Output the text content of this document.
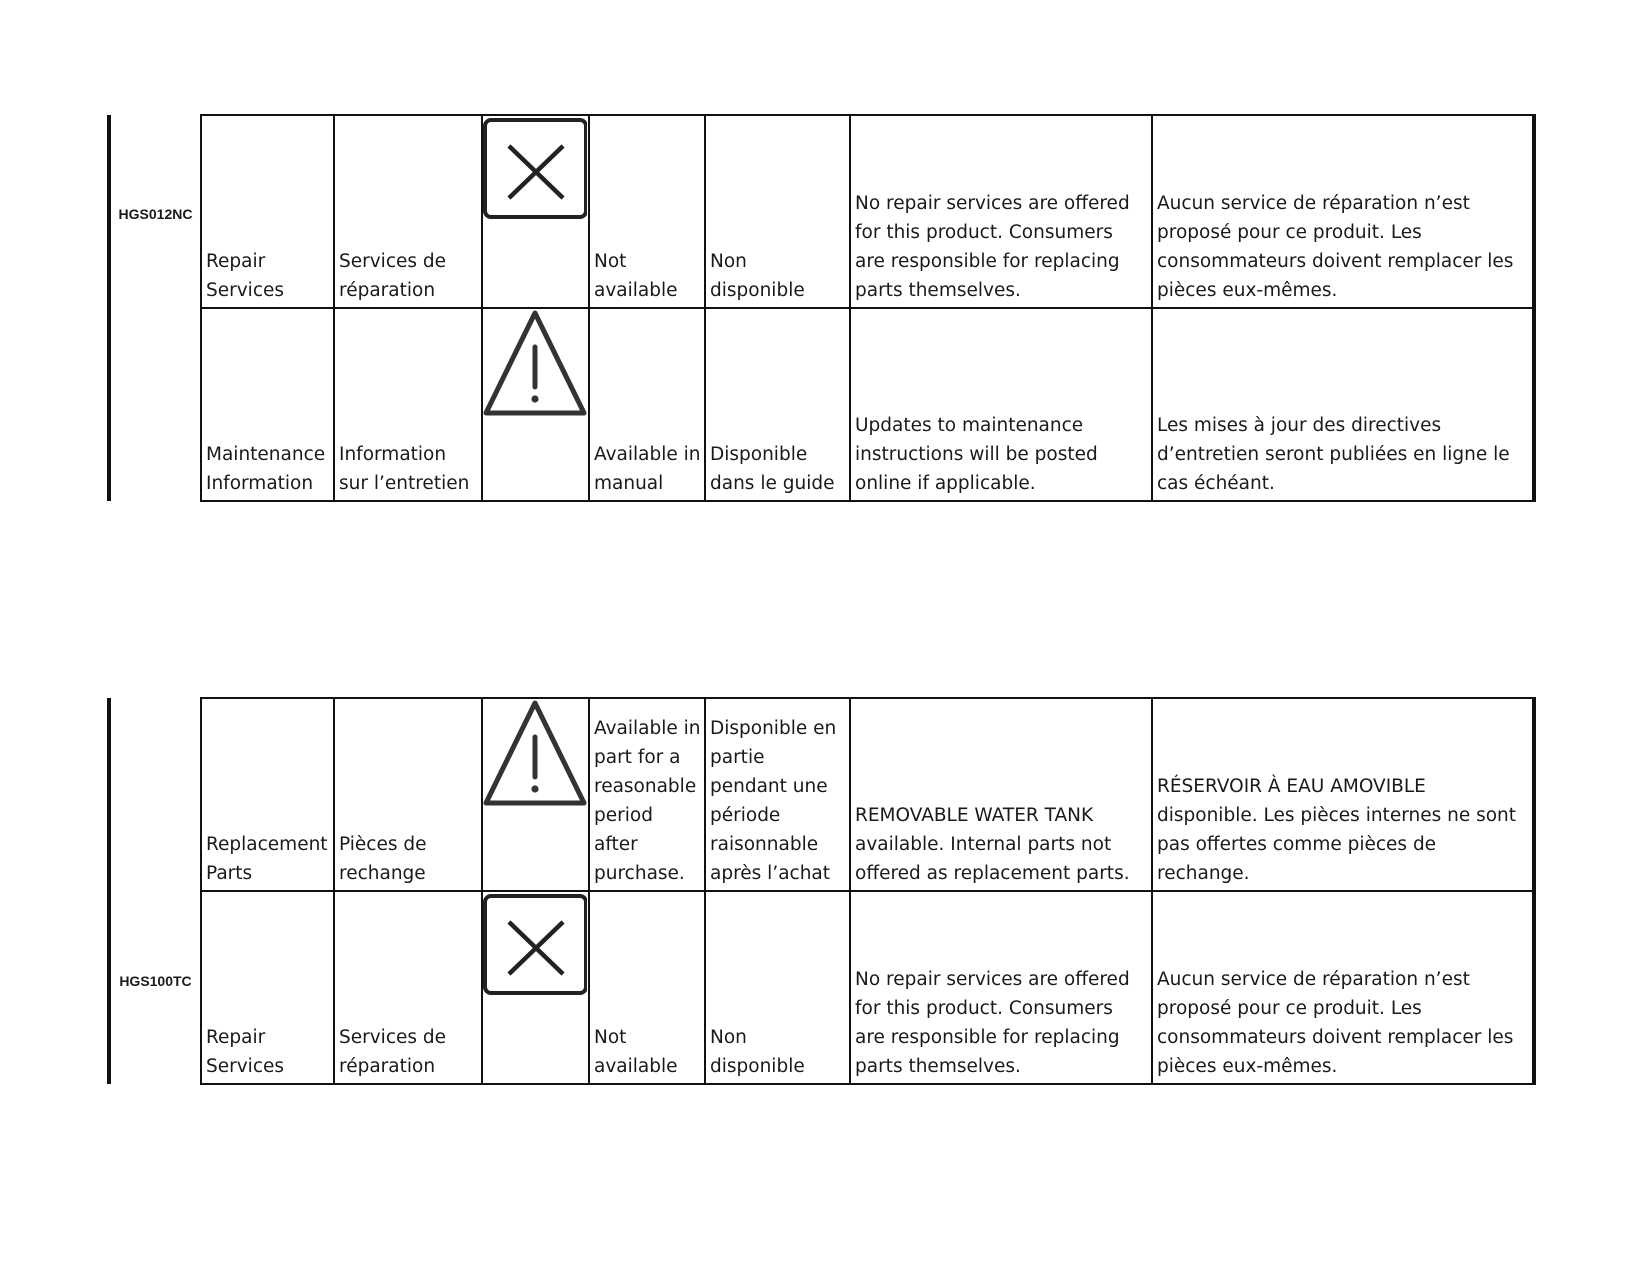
HGS012NC	Repair Services	Services de réparation		Not available	Non disponible	No repair services are offered for this product. Consumers are responsible for replacing parts themselves.	Aucun service de réparation n’est proposé pour ce produit. Les consommateurs doivent remplacer les pièces eux-mêmes.
	Maintenance Information	Information sur l’entretien		Available in manual	Disponible dans le guide	Updates to maintenance instructions will be posted online if applicable.	Les mises à jour des directives d’entretien seront publiées en ligne le cas échéant.
HGS100TC	Replacement Parts	Pièces de rechange		Available in part for a reasonable period after purchase.	Disponible en partie pendant une période raisonnable après l’achat	REMOVABLE WATER TANK available. Internal parts not offered as replacement parts.	RÉSERVOIR À EAU AMOVIBLE disponible. Les pièces internes ne sont pas offertes comme pièces de rechange.
	Repair Services	Services de réparation		Not available	Non disponible	No repair services are offered for this product. Consumers are responsible for replacing parts themselves.	Aucun service de réparation n’est proposé pour ce produit. Les consommateurs doivent remplacer les pièces eux-mêmes.
